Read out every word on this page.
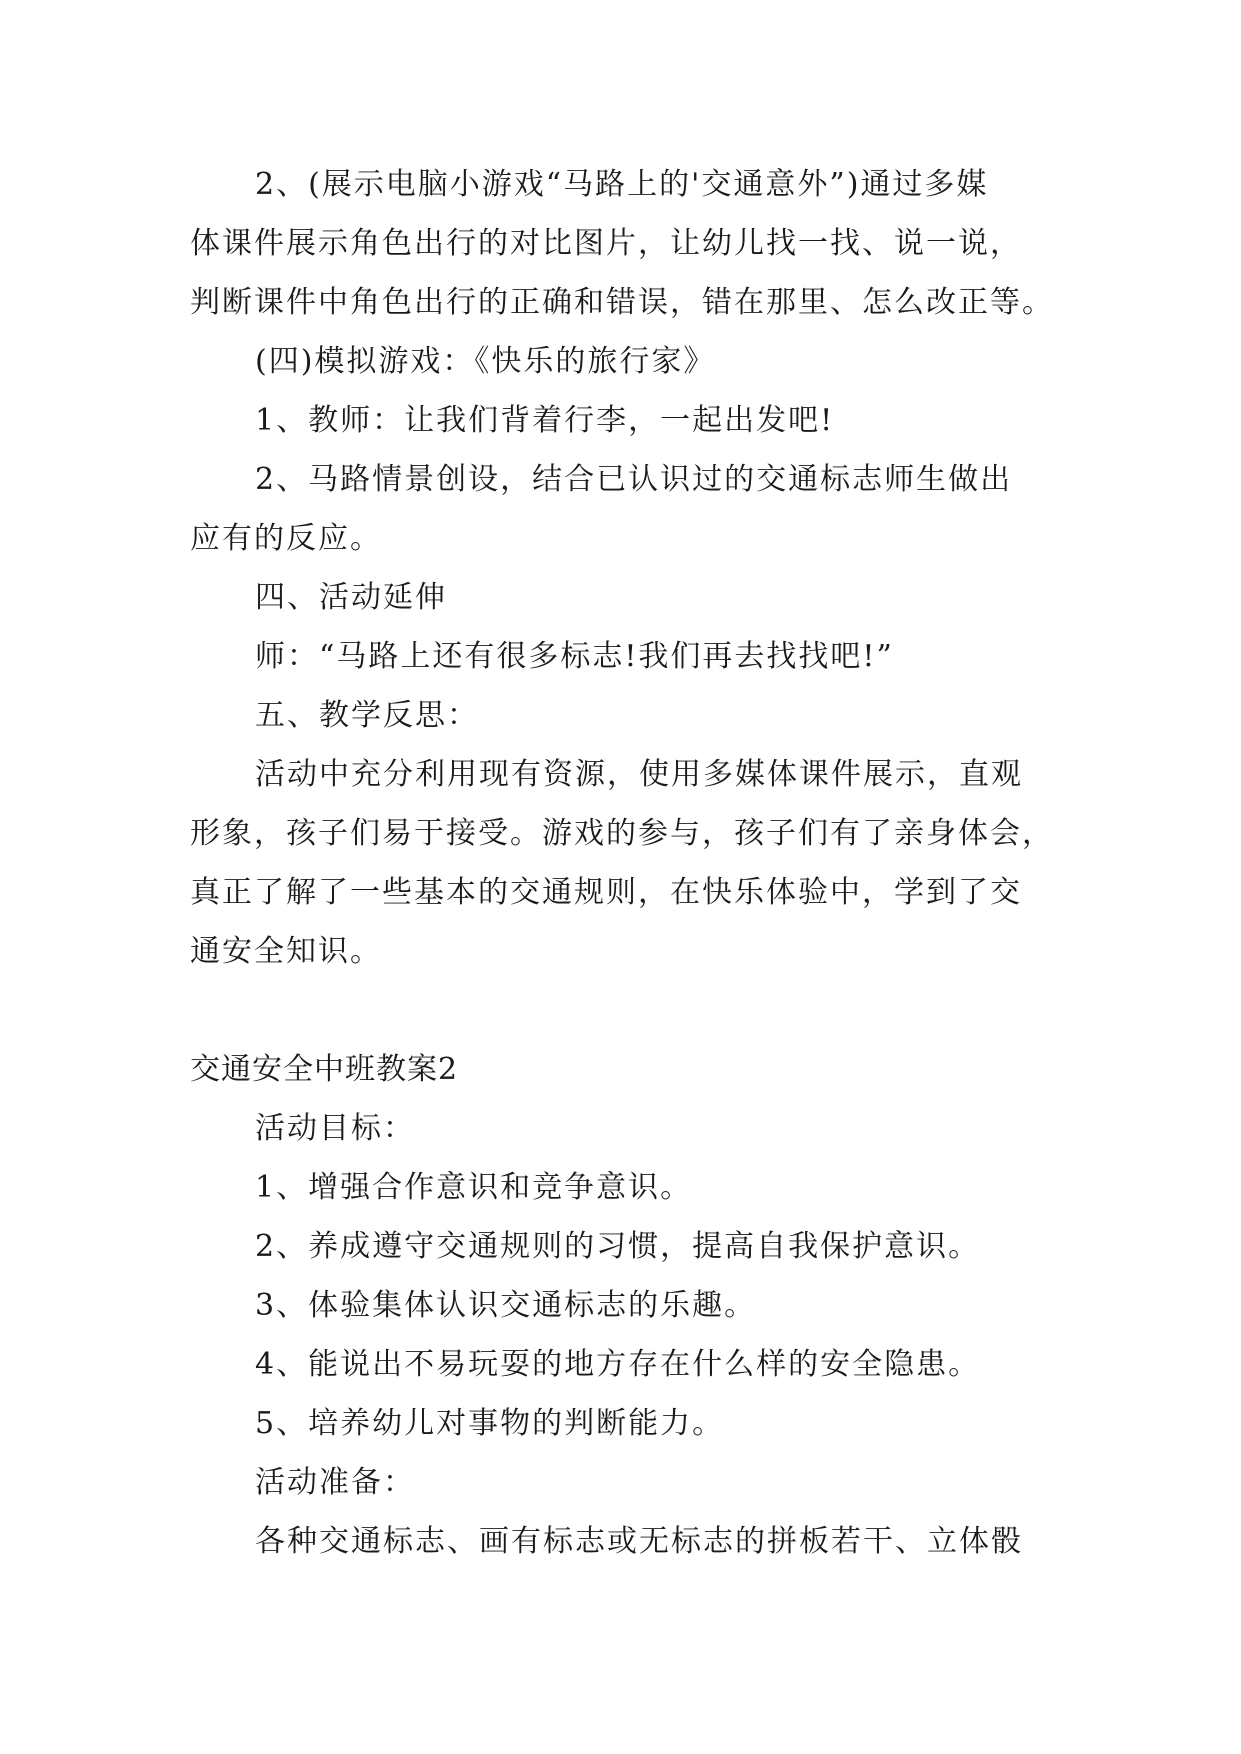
2、(展示电脑小游戏“马路上的'交通意外”)通过多媒
体课件展示角色出行的对比图片，让幼儿找一找、说一说，
判断课件中角色出行的正确和错误，错在那里、怎么改正等。
(四)模拟游戏：《快乐的旅行家》
1、教师：让我们背着行李，一起出发吧!
2、马路情景创设，结合已认识过的交通标志师生做出
应有的反应。
四、活动延伸
师：“马路上还有很多标志!我们再去找找吧!”
五、教学反思：
活动中充分利用现有资源，使用多媒体课件展示，直观
形象，孩子们易于接受。游戏的参与，孩子们有了亲身体会，
真正了解了一些基本的交通规则，在快乐体验中，学到了交
通安全知识。
交通安全中班教案2
活动目标：
1、增强合作意识和竞争意识。
2、养成遵守交通规则的习惯，提高自我保护意识。
3、体验集体认识交通标志的乐趣。
4、能说出不易玩耍的地方存在什么样的安全隐患。
5、培养幼儿对事物的判断能力。
活动准备：
各种交通标志、画有标志或无标志的拼板若干、立体骰
